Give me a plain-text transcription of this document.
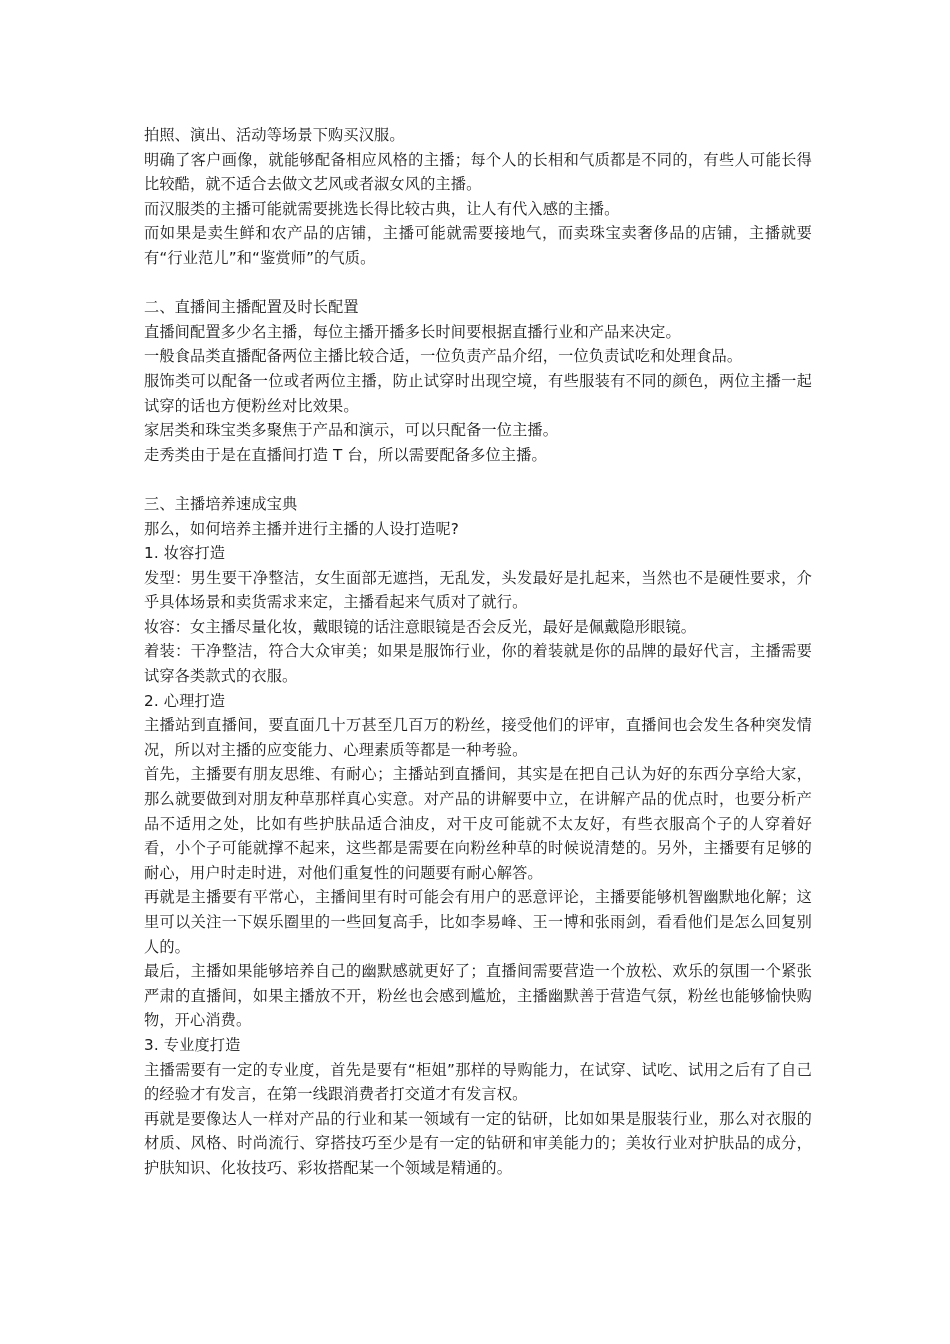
拍照、演出、活动等场景下购买汉服。

明确了客户画像，就能够配备相应风格的主播；每个人的长相和气质都是不同的，有些人可能长得比较酷，就不适合去做文艺风或者淑女风的主播。

而汉服类的主播可能就需要挑选长得比较古典，让人有代入感的主播。

而如果是卖生鲜和农产品的店铺，主播可能就需要接地气，而卖珠宝卖奢侈品的店铺，主播就要有“行业范儿”和“鉴赏师”的气质。

二、直播间主播配置及时长配置

直播间配置多少名主播，每位主播开播多长时间要根据直播行业和产品来决定。

一般食品类直播配备两位主播比较合适，一位负责产品介绍，一位负责试吃和处理食品。

服饰类可以配备一位或者两位主播，防止试穿时出现空境，有些服装有不同的颜色，两位主播一起试穿的话也方便粉丝对比效果。

家居类和珠宝类多聚焦于产品和演示，可以只配备一位主播。

走秀类由于是在直播间打造 T 台，所以需要配备多位主播。

三、主播培养速成宝典

那么，如何培养主播并进行主播的人设打造呢?

1. 妆容打造

发型：男生要干净整洁，女生面部无遮挡，无乱发，头发最好是扎起来，当然也不是硬性要求，介乎具体场景和卖货需求来定，主播看起来气质对了就行。

妆容：女主播尽量化妆，戴眼镜的话注意眼镜是否会反光，最好是佩戴隐形眼镜。

着装：干净整洁，符合大众审美；如果是服饰行业，你的着装就是你的品牌的最好代言，主播需要试穿各类款式的衣服。

2. 心理打造

主播站到直播间，要直面几十万甚至几百万的粉丝，接受他们的评审，直播间也会发生各种突发情况，所以对主播的应变能力、心理素质等都是一种考验。

首先，主播要有朋友思维、有耐心；主播站到直播间，其实是在把自己认为好的东西分享给大家，那么就要做到对朋友种草那样真心实意。对产品的讲解要中立，在讲解产品的优点时，也要分析产品不适用之处，比如有些护肤品适合油皮，对干皮可能就不太友好，有些衣服高个子的人穿着好看，小个子可能就撑不起来，这些都是需要在向粉丝种草的时候说清楚的。另外，主播要有足够的耐心，用户时走时进，对他们重复性的问题要有耐心解答。

再就是主播要有平常心，主播间里有时可能会有用户的恶意评论，主播要能够机智幽默地化解；这里可以关注一下娱乐圈里的一些回复高手，比如李易峰、王一博和张雨剑，看看他们是怎么回复别人的。

最后，主播如果能够培养自己的幽默感就更好了；直播间需要营造一个放松、欢乐的氛围一个紧张严肃的直播间，如果主播放不开，粉丝也会感到尴尬，主播幽默善于营造气氛，粉丝也能够愉快购物，开心消费。

3. 专业度打造

主播需要有一定的专业度，首先是要有“柜姐”那样的导购能力，在试穿、试吃、试用之后有了自己的经验才有发言，在第一线跟消费者打交道才有发言权。

再就是要像达人一样对产品的行业和某一领域有一定的钻研，比如如果是服装行业，那么对衣服的材质、风格、时尚流行、穿搭技巧至少是有一定的钻研和审美能力的；美妆行业对护肤品的成分，护肤知识、化妆技巧、彩妆搭配某一个领域是精通的。
